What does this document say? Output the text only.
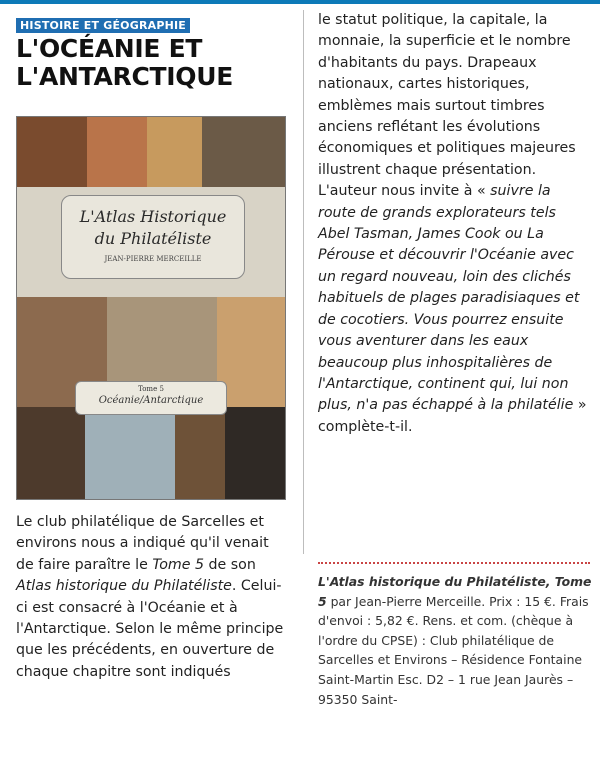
HISTOIRE ET GÉOGRAPHIE
L'OCÉANIE ET
L'ANTARCTIQUE
L'Atlas Historique
du Philatéliste
JEAN-PIERRE MERCEILLE
Tome 5
Océanie/Antarctique
Le club philatélique de Sarcelles et environs nous a indiqué qu'il venait de faire paraître le Tome 5 de son Atlas historique du Philatéliste. Celui-ci est consacré à l'Océanie et à l'Antarctique. Selon le même principe que les précédents, en ouverture de chaque chapitre sont indiqués
le statut politique, la capitale, la monnaie, la superficie et le nombre d'habitants du pays. Drapeaux nationaux, cartes historiques, emblèmes mais surtout timbres anciens reflétant les évolutions économiques et politiques majeures illustrent chaque présentation. L'auteur nous invite à « suivre la route de grands explorateurs tels Abel Tasman, James Cook ou La Pérouse et découvrir l'Océanie avec un regard nouveau, loin des clichés habituels de plages paradisiaques et de cocotiers. Vous pourrez ensuite vous aventurer dans les eaux beaucoup plus inhospitalières de l'Antarctique, continent qui, lui non plus, n'a pas échappé à la philatélie » complète-t-il.
L'Atlas historique du Philatéliste, Tome 5 par Jean-Pierre Merceille. Prix : 15 €. Frais d'envoi : 5,82 €. Rens. et com. (chèque à l'ordre du CPSE) : Club philatélique de Sarcelles et Environs – Résidence Fontaine Saint-Martin Esc. D2 – 1 rue Jean Jaurès – 95350 Saint-
